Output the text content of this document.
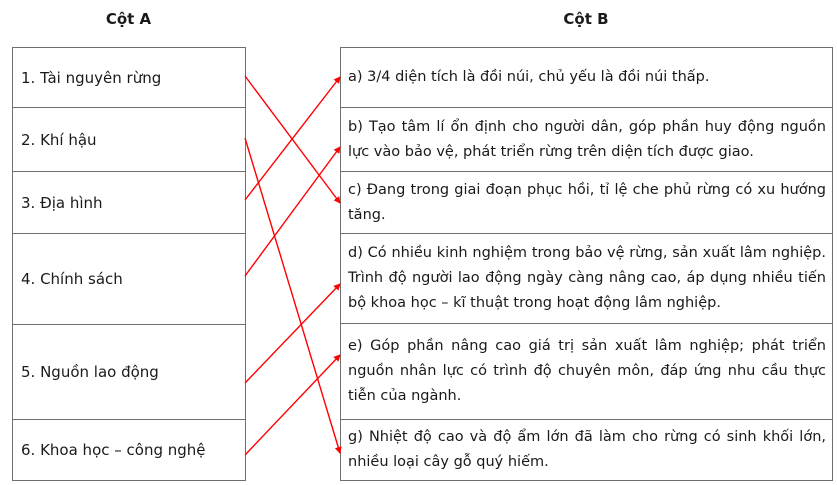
Cột A	Cột B
1. Tài nguyên rừng
2. Khí hậu
3. Địa hình
4. Chính sách
5. Nguồn lao động
6. Khoa học – công nghệ
a) 3/4 diện tích là đồi núi, chủ yếu là đồi núi thấp.
b) Tạo tâm lí ổn định cho người dân, góp phần huy động nguồn lực vào bảo vệ, phát triển rừng trên diện tích được giao.
c) Đang trong giai đoạn phục hồi, tỉ lệ che phủ rừng có xu hướng tăng.
d) Có nhiều kinh nghiệm trong bảo vệ rừng, sản xuất lâm nghiệp. Trình độ người lao động ngày càng nâng cao, áp dụng nhiều tiến bộ khoa học – kĩ thuật trong hoạt động lâm nghiệp.
e) Góp phần nâng cao giá trị sản xuất lâm nghiệp; phát triển nguồn nhân lực có trình độ chuyên môn, đáp ứng nhu cầu thực tiễn của ngành.
g) Nhiệt độ cao và độ ẩm lớn đã làm cho rừng có sinh khối lớn, nhiều loại cây gỗ quý hiếm.
